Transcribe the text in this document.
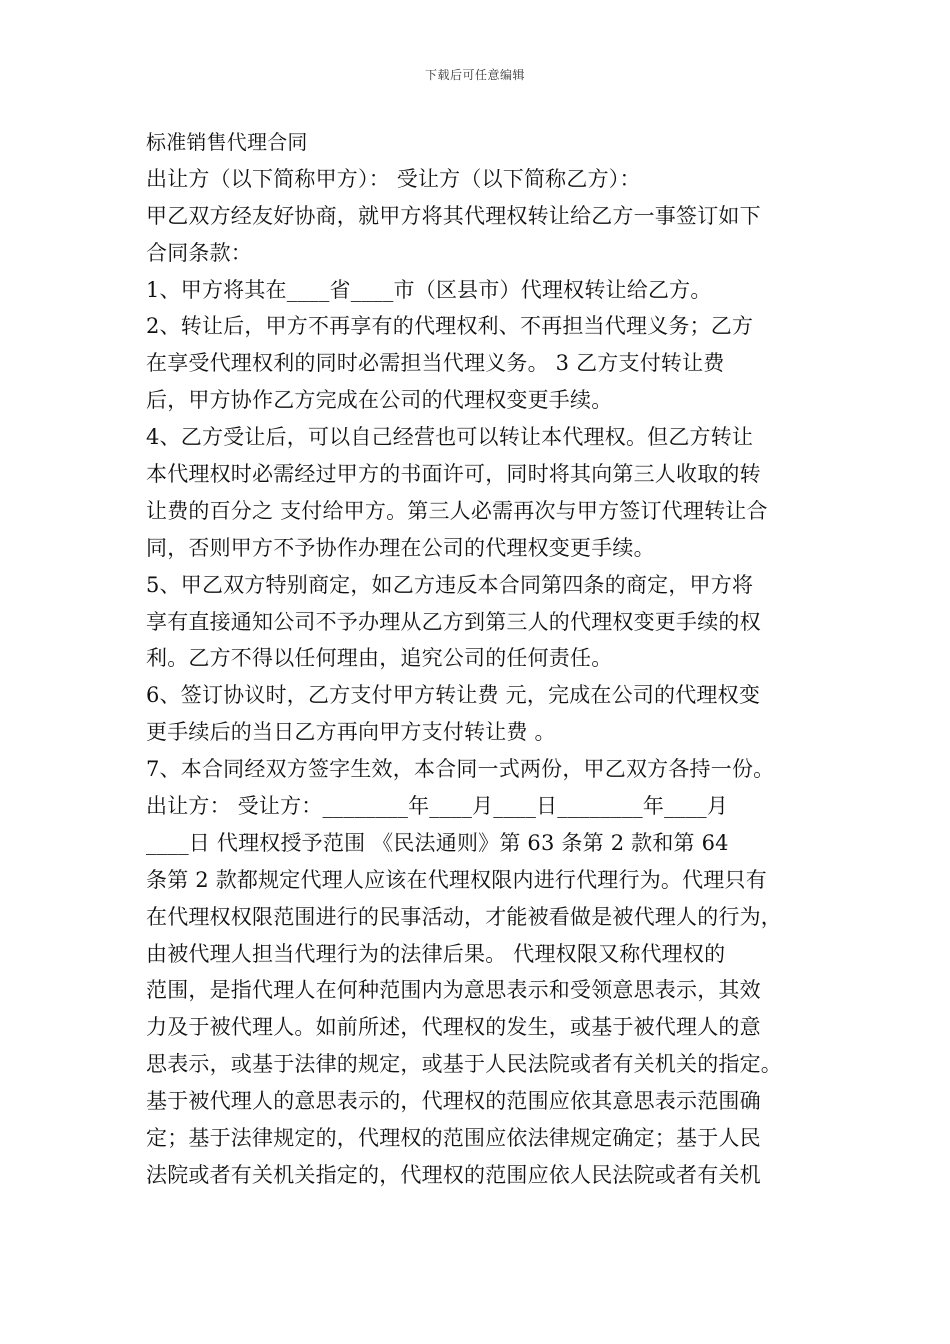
下载后可任意编辑
标准销售代理合同
出让方（以下简称甲方）： 受让方（以下简称乙方）：
甲乙双方经友好协商，就甲方将其代理权转让给乙方一事签订如下
合同条款：
1、甲方将其在____省____市（区县市）代理权转让给乙方。
2、转让后，甲方不再享有的代理权利、不再担当代理义务；乙方
在享受代理权利的同时必需担当代理义务。 3 乙方支付转让费
后，甲方协作乙方完成在公司的代理权变更手续。
4、乙方受让后，可以自己经营也可以转让本代理权。但乙方转让
本代理权时必需经过甲方的书面许可，同时将其向第三人收取的转
让费的百分之 支付给甲方。第三人必需再次与甲方签订代理转让合
同，否则甲方不予协作办理在公司的代理权变更手续。
5、甲乙双方特别商定，如乙方违反本合同第四条的商定，甲方将
享有直接通知公司不予办理从乙方到第三人的代理权变更手续的权
利。乙方不得以任何理由，追究公司的任何责任。
6、签订协议时，乙方支付甲方转让费 元，完成在公司的代理权变
更手续后的当日乙方再向甲方支付转让费 。
7、本合同经双方签字生效，本合同一式两份，甲乙双方各持一份。
出让方： 受让方：________年____月____日________年____月
____日 代理权授予范围 《民法通则》第 63 条第 2 款和第 64
条第 2 款都规定代理人应该在代理权限内进行代理行为。代理只有
在代理权权限范围进行的民事活动，才能被看做是被代理人的行为，
由被代理人担当代理行为的法律后果。 代理权限又称代理权的
范围，是指代理人在何种范围内为意思表示和受领意思表示，其效
力及于被代理人。如前所述，代理权的发生，或基于被代理人的意
思表示，或基于法律的规定，或基于人民法院或者有关机关的指定。
基于被代理人的意思表示的，代理权的范围应依其意思表示范围确
定；基于法律规定的，代理权的范围应依法律规定确定；基于人民
法院或者有关机关指定的，代理权的范围应依人民法院或者有关机
